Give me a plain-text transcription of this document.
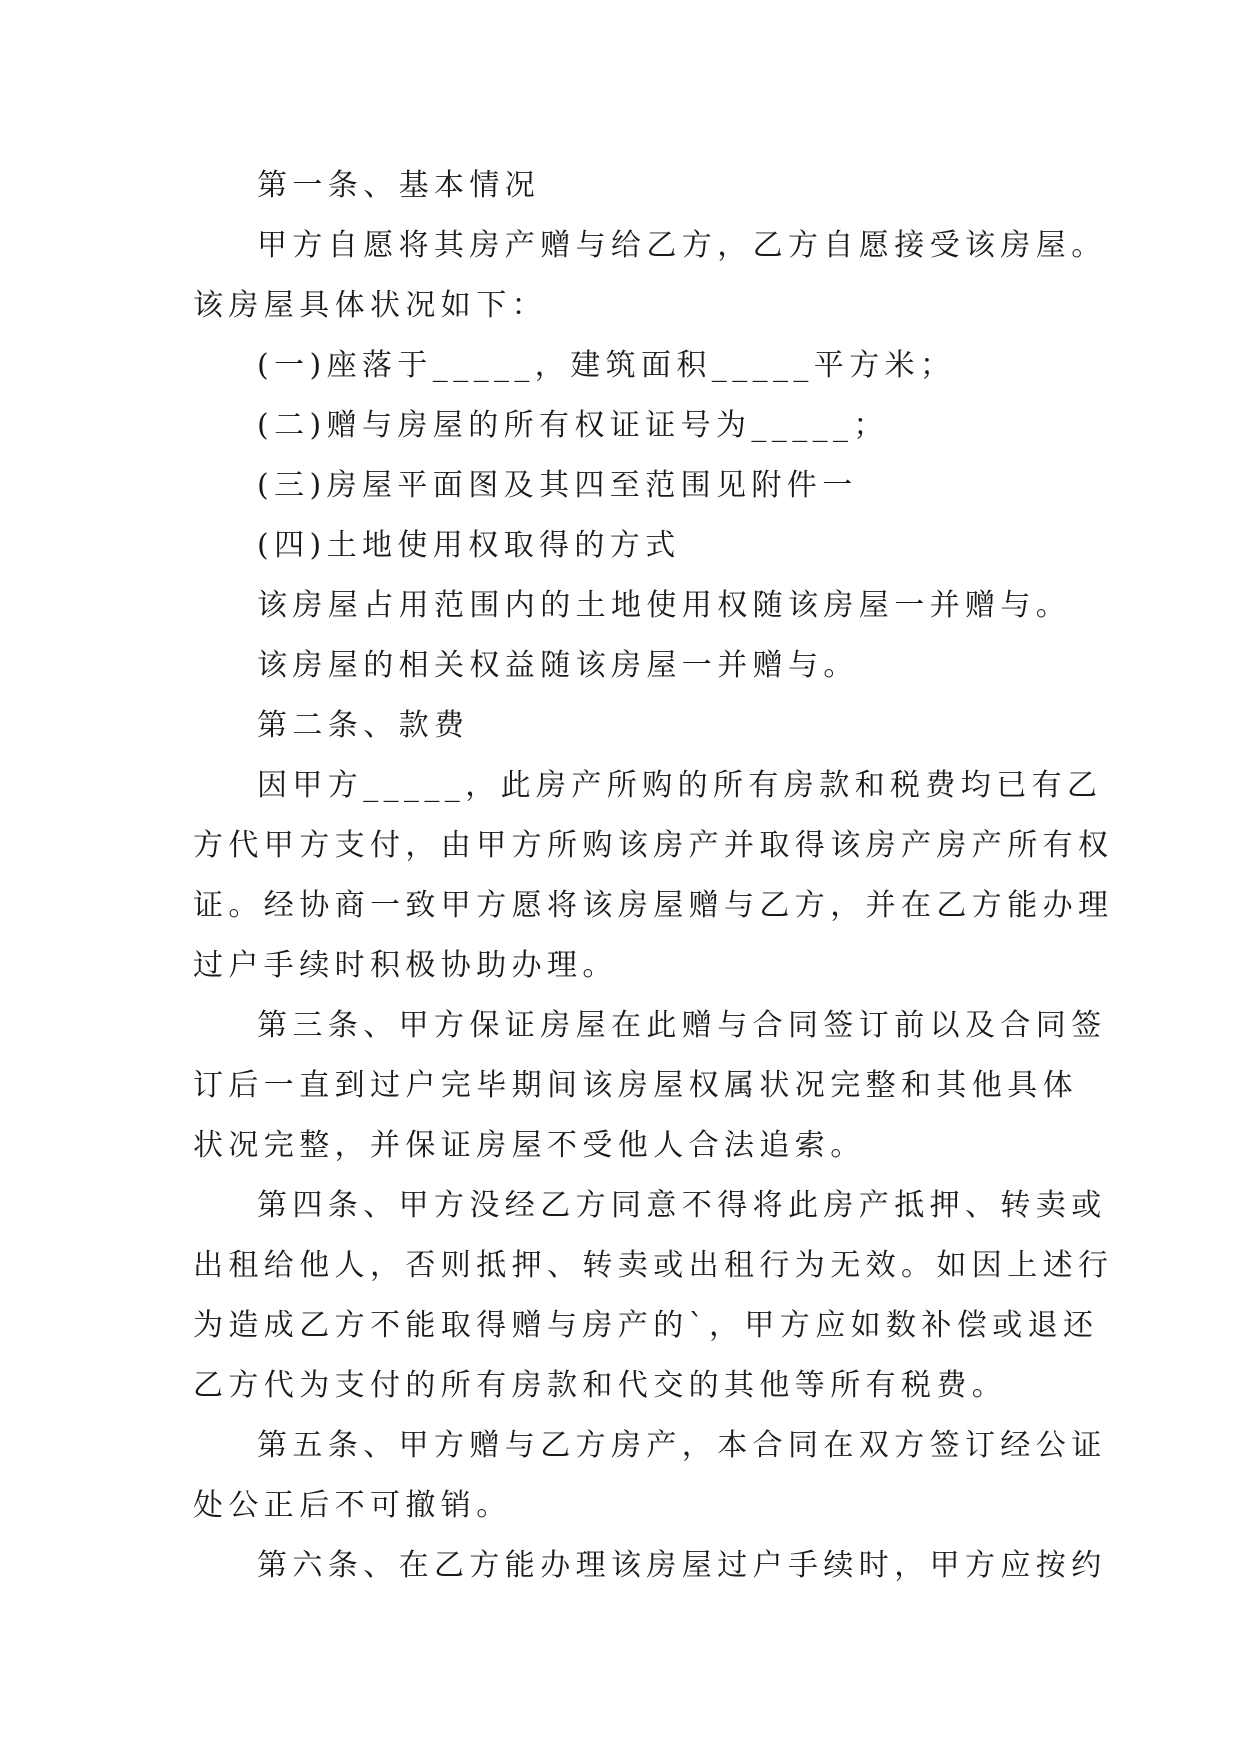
第一条、基本情况
甲方自愿将其房产赠与给乙方，乙方自愿接受该房屋。
该房屋具体状况如下：
(一)座落于_____，建筑面积_____平方米；
(二)赠与房屋的所有权证证号为_____；
(三)房屋平面图及其四至范围见附件一
(四)土地使用权取得的方式
该房屋占用范围内的土地使用权随该房屋一并赠与。
该房屋的相关权益随该房屋一并赠与。
第二条、款费
因甲方_____，此房产所购的所有房款和税费均已有乙
方代甲方支付，由甲方所购该房产并取得该房产房产所有权
证。经协商一致甲方愿将该房屋赠与乙方，并在乙方能办理
过户手续时积极协助办理。
第三条、甲方保证房屋在此赠与合同签订前以及合同签
订后一直到过户完毕期间该房屋权属状况完整和其他具体
状况完整，并保证房屋不受他人合法追索。
第四条、甲方没经乙方同意不得将此房产抵押、转卖或
出租给他人，否则抵押、转卖或出租行为无效。如因上述行
为造成乙方不能取得赠与房产的`，甲方应如数补偿或退还
乙方代为支付的所有房款和代交的其他等所有税费。
第五条、甲方赠与乙方房产，本合同在双方签订经公证
处公正后不可撤销。
第六条、在乙方能办理该房屋过户手续时，甲方应按约
